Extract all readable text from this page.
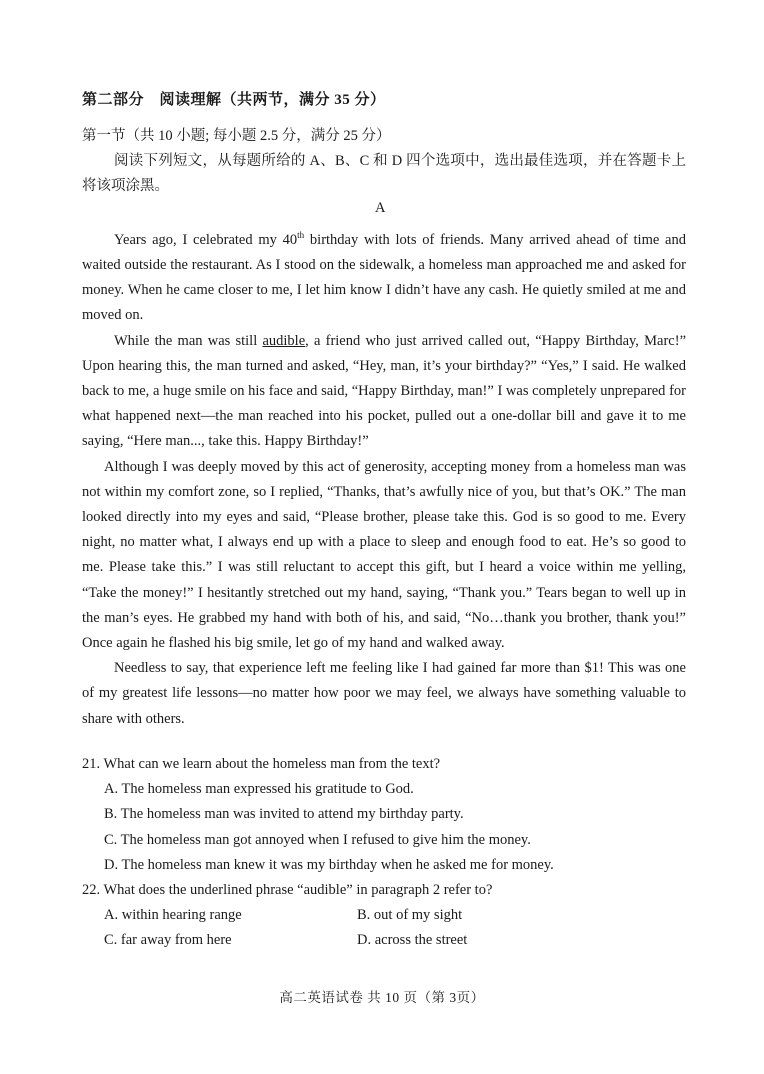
第二部分　阅读理解（共两节，满分 35 分）
第一节（共 10 小题; 每小题 2.5 分，满分 25 分）
阅读下列短文，从每题所给的 A、B、C 和 D 四个选项中，选出最佳选项，并在答题卡上将该项涂黑。
A

Years ago, I celebrated my 40th birthday with lots of friends. Many arrived ahead of time and waited outside the restaurant. As I stood on the sidewalk, a homeless man approached me and asked for money. When he came closer to me, I let him know I didn’t have any cash. He quietly smiled at me and moved on.

While the man was still audible, a friend who just arrived called out, “Happy Birthday, Marc!” Upon hearing this, the man turned and asked, “Hey, man, it’s your birthday?” “Yes,” I said. He walked back to me, a huge smile on his face and said, “Happy Birthday, man!” I was completely unprepared for what happened next—the man reached into his pocket, pulled out a one-dollar bill and gave it to me saying, “Here man..., take this. Happy Birthday!”

Although I was deeply moved by this act of generosity, accepting money from a homeless man was not within my comfort zone, so I replied, “Thanks, that’s awfully nice of you, but that’s OK.” The man looked directly into my eyes and said, “Please brother, please take this. God is so good to me. Every night, no matter what, I always end up with a place to sleep and enough food to eat. He’s so good to me. Please take this.” I was still reluctant to accept this gift, but I heard a voice within me yelling, “Take the money!” I hesitantly stretched out my hand, saying, “Thank you.” Tears began to well up in the man’s eyes. He grabbed my hand with both of his, and said, “No…thank you brother, thank you!” Once again he flashed his big smile, let go of my hand and walked away.

Needless to say, that experience left me feeling like I had gained far more than $1! This was one of my greatest life lessons—no matter how poor we may feel, we always have something valuable to share with others.

21. What can we learn about the homeless man from the text?

A. The homeless man expressed his gratitude to God.

B. The homeless man was invited to attend my birthday party.

C. The homeless man got annoyed when I refused to give him the money.

D. The homeless man knew it was my birthday when he asked me for money.

22. What does the underlined phrase “audible” in paragraph 2 refer to?

A. within hearing range	B. out of my sight
C. far away from here	D. across the street
高二英语试卷 共 10 页（第 3页）
